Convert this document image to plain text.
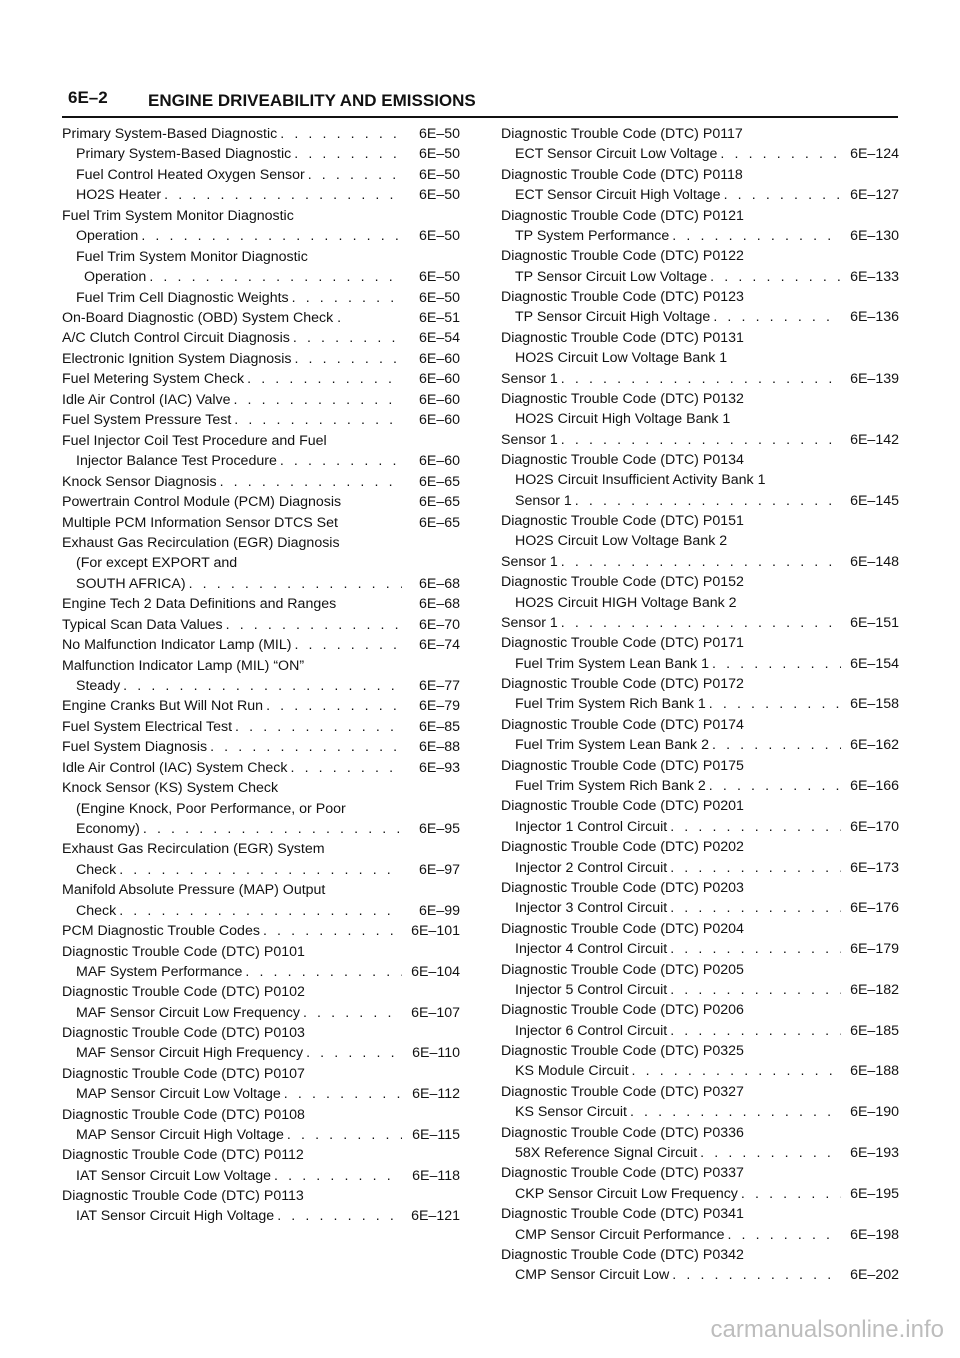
6E–2 ENGINE DRIVEABILITY AND EMISSIONS
Primary System-Based Diagnostic . . .	6E–50
Primary System-Based Diagnostic . . .	6E–50
Fuel Control Heated Oxygen Sensor . . .	6E–50
HO2S Heater . . .	6E–50
Fuel Trim System Monitor Diagnostic
Operation . . .	6E–50
Fuel Trim System Monitor Diagnostic
Operation . . .	6E–50
Fuel Trim Cell Diagnostic Weights . . .	6E–50
On-Board Diagnostic (OBD) System Check .	6E–51
A/C Clutch Control Circuit Diagnosis . . .	6E–54
Electronic Ignition System Diagnosis . . .	6E–60
Fuel Metering System Check . . .	6E–60
Idle Air Control (IAC) Valve . . .	6E–60
Fuel System Pressure Test . . .	6E–60
Fuel Injector Coil Test Procedure and Fuel
Injector Balance Test Procedure . . .	6E–60
Knock Sensor Diagnosis . . .	6E–65
Powertrain Control Module (PCM) Diagnosis	6E–65
Multiple PCM Information Sensor DTCS Set	6E–65
Exhaust Gas Recirculation (EGR) Diagnosis
(For except EXPORT and
SOUTH AFRICA) . . .	6E–68
Engine Tech 2 Data Definitions and Ranges	6E–68
Typical Scan Data Values . . .	6E–70
No Malfunction Indicator Lamp (MIL) . . .	6E–74
Malfunction Indicator Lamp (MIL) “ON”
Steady . . .	6E–77
Engine Cranks But Will Not Run . . .	6E–79
Fuel System Electrical Test . . .	6E–85
Fuel System Diagnosis . . .	6E–88
Idle Air Control (IAC) System Check . . .	6E–93
Knock Sensor (KS) System Check
(Engine Knock, Poor Performance, or Poor
Economy) . . .	6E–95
Exhaust Gas Recirculation (EGR) System
Check . . .	6E–97
Manifold Absolute Pressure (MAP) Output
Check . . .	6E–99
PCM Diagnostic Trouble Codes . . .	6E–101
Diagnostic Trouble Code (DTC) P0101
MAF System Performance . . .	6E–104
Diagnostic Trouble Code (DTC) P0102
MAF Sensor Circuit Low Frequency . . .	6E–107
Diagnostic Trouble Code (DTC) P0103
MAF Sensor Circuit High Frequency . . .	6E–110
Diagnostic Trouble Code (DTC) P0107
MAP Sensor Circuit Low Voltage . . .	6E–112
Diagnostic Trouble Code (DTC) P0108
MAP Sensor Circuit High Voltage . . .	6E–115
Diagnostic Trouble Code (DTC) P0112
IAT Sensor Circuit Low Voltage . . .	6E–118
Diagnostic Trouble Code (DTC) P0113
IAT Sensor Circuit High Voltage . . .	6E–121
Diagnostic Trouble Code (DTC) P0117
ECT Sensor Circuit Low Voltage . . .	6E–124
Diagnostic Trouble Code (DTC) P0118
ECT Sensor Circuit High Voltage . . .	6E–127
Diagnostic Trouble Code (DTC) P0121
TP System Performance . . .	6E–130
Diagnostic Trouble Code (DTC) P0122
TP Sensor Circuit Low Voltage . . .	6E–133
Diagnostic Trouble Code (DTC) P0123
TP Sensor Circuit High Voltage . . .	6E–136
Diagnostic Trouble Code (DTC) P0131
HO2S Circuit Low Voltage Bank 1
Sensor 1 . . .	6E–139
Diagnostic Trouble Code (DTC) P0132
HO2S Circuit High Voltage Bank 1
Sensor 1 . . .	6E–142
Diagnostic Trouble Code (DTC) P0134
HO2S Circuit Insufficient Activity Bank 1
Sensor 1 . . .	6E–145
Diagnostic Trouble Code (DTC) P0151
HO2S Circuit Low Voltage Bank 2
Sensor 1 . . .	6E–148
Diagnostic Trouble Code (DTC) P0152
HO2S Circuit HIGH Voltage Bank 2
Sensor 1 . . .	6E–151
Diagnostic Trouble Code (DTC) P0171
Fuel Trim System Lean Bank 1 . . .	6E–154
Diagnostic Trouble Code (DTC) P0172
Fuel Trim System Rich Bank 1 . . .	6E–158
Diagnostic Trouble Code (DTC) P0174
Fuel Trim System Lean Bank 2 . . .	6E–162
Diagnostic Trouble Code (DTC) P0175
Fuel Trim System Rich Bank 2 . . .	6E–166
Diagnostic Trouble Code (DTC) P0201
Injector 1 Control Circuit . . .	6E–170
Diagnostic Trouble Code (DTC) P0202
Injector 2 Control Circuit . . .	6E–173
Diagnostic Trouble Code (DTC) P0203
Injector 3 Control Circuit . . .	6E–176
Diagnostic Trouble Code (DTC) P0204
Injector 4 Control Circuit . . .	6E–179
Diagnostic Trouble Code (DTC) P0205
Injector 5 Control Circuit . . .	6E–182
Diagnostic Trouble Code (DTC) P0206
Injector 6 Control Circuit . . .	6E–185
Diagnostic Trouble Code (DTC) P0325
KS Module Circuit . . .	6E–188
Diagnostic Trouble Code (DTC) P0327
KS Sensor Circuit . . .	6E–190
Diagnostic Trouble Code (DTC) P0336
58X Reference Signal Circuit . . .	6E–193
Diagnostic Trouble Code (DTC) P0337
CKP Sensor Circuit Low Frequency . . .	6E–195
Diagnostic Trouble Code (DTC) P0341
CMP Sensor Circuit Performance . . .	6E–198
Diagnostic Trouble Code (DTC) P0342
CMP Sensor Circuit Low . . .	6E–202
carmanualsonline.info
